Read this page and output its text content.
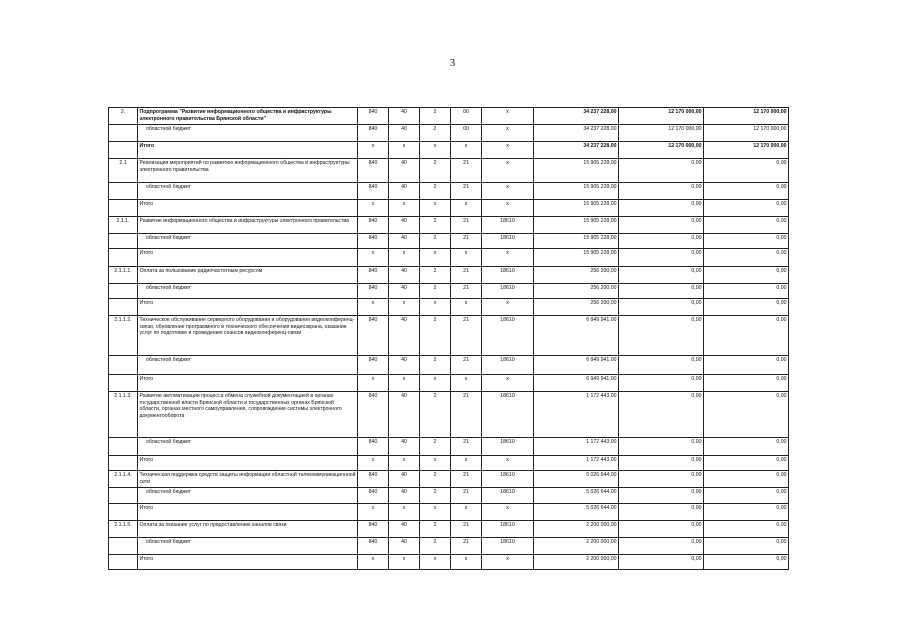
3
2.	Подпрограмма "Развитие информационного общества и инфраструктуры электронного правительства Брянской области"	840	40	2	00	х	34 237 228,00	12 170 000,00	12 170 000,00
	областной бюджет	840	40	2	00	х	34 237 228,00	12 170 000,00	12 170 000,00
	Итого	х	х	х	х	х	34 237 228,00	12 170 000,00	12 170 000,00
2.1	Реализация мероприятий по развитию информационного общества и инфраструктуры электронного правительства	840	40	2	21	х	15 905 228,00	0,00	0,00
	областной бюджет	840	40	2	21	х	15 905 228,00	0,00	0,00
	Итого	х	х	х	х	х	15 905 228,00	0,00	0,00
2.1.1.	Развитие информационного общества и инфраструктуры электронного правительства	840	40	2	21	18610	15 905 228,00	0,00	0,00
	областной бюджет	840	40	2	21	18610	15 905 228,00	0,00	0,00
	Итого	х	х	х	х	х	15 905 228,00	0,00	0,00
2.1.1.1.	Оплата за пользование радиочастотным ресурсом	840	40	2	21	18610	256 200,00	0,00	0,00
	областной бюджет	840	40	2	21	18610	256 200,00	0,00	0,00
	Итого	х	х	х	х	х	256 200,00	0,00	0,00
2.1.1.2.	Техническое обслуживание серверного оборудования и оборудования видеоконференц-связи, обновление программного и технического обеспечения видеоэкрана, оказание услуг по подготовке и проведению сеансов видеоконференц-связи	840	40	2	21	18610	6 949 941,00	0,00	0,00
	областной бюджет	840	40	2	21	18610	6 949 941,00	0,00	0,00
	Итого	х	х	х	х	х	6 949 941,00	0,00	0,00
2.1.1.3.	Развитие автоматизации процесса обмена служебной документацией в органах государственной власти Брянской области и государственных органах Брянской области, органах местного самоуправления, сопровождение системы электронного документооборота	840	40	2	21	18610	1 172 443,00	0,00	0,00
	областной бюджет	840	40	2	21	18610	1 172 443,00	0,00	0,00
	Итого	х	х	х	х	х	1 172 443,00	0,00	0,00
2.1.1.4.	Техническая поддержка средств защиты информации областной телекоммуникационной сети	840	40	2	21	18610	5 026 644,00	0,00	0,00
	областной бюджет	840	40	2	21	18610	5 026 644,00	0,00	0,00
	Итого	х	х	х	х	х	5 026 644,00	0,00	0,00
2.1.1.5.	Оплата за оказание услуг по предоставлению каналов связи	840	40	2	21	18610	2 200 000,00	0,00	0,00
	областной бюджет	840	40	2	21	18610	2 200 000,00	0,00	0,00
	Итого	х	х	х	х	х	2 200 000,00	0,00	0,00
